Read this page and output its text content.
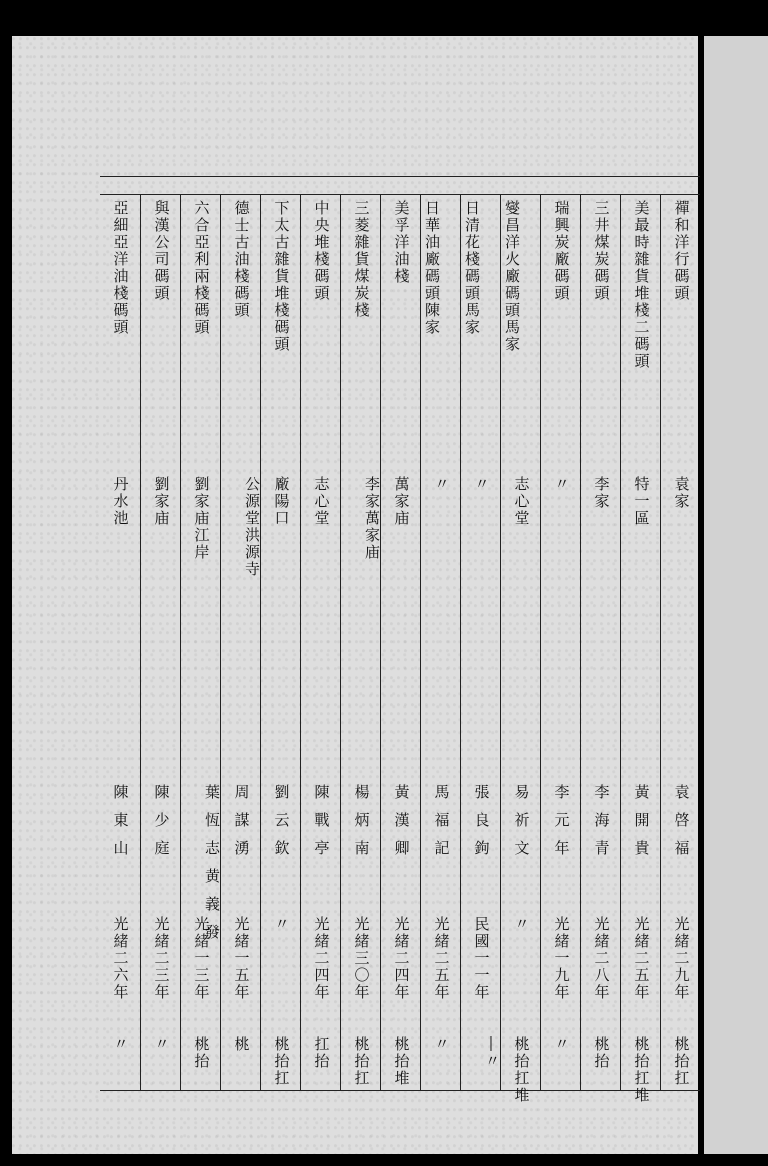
禪和洋行碼頭
袁家
袁啓福
光緒二九年
桃抬扛
美最時雜貨堆棧二碼頭
特一區
黃開貴
光緒二五年
桃抬扛堆
三井煤炭碼頭
李家
李海青
光緒二八年
桃抬
瑞興炭廠碼頭
〃
李元年
光緒一九年
〃
馬家
燮昌洋火廠碼頭
志心堂
易祈文
〃
桃抬扛堆
馬家
日清花棧碼頭
〃
張良鉤
民國一一年
〃
―
陳家
日華油廠碼頭
〃
馬福記
光緒二五年
〃
美孚洋油棧
萬家庙
黃漢卿
光緒二四年
桃抬堆
三菱雜貨煤炭棧
萬家庙
李家
楊炳南
光緒三〇年
桃抬扛
中央堆棧碼頭
志心堂
陳戰亭
光緒二四年
扛抬
下太古雜貨堆棧碼頭
廠陽口
劉云欽
〃
桃抬扛
德士古油棧碼頭
洪源寺
公源堂
周謀湧
光緒一五年
桃
六合亞利兩棧碼頭
劉家庙江岸
黄義發
葉恆志
光緒一三年
桃抬
與漢公司碼頭
劉家庙
陳少庭
光緒二三年
〃
亞細亞洋油棧碼頭
丹水池
陳東山
光緒二六年
〃
